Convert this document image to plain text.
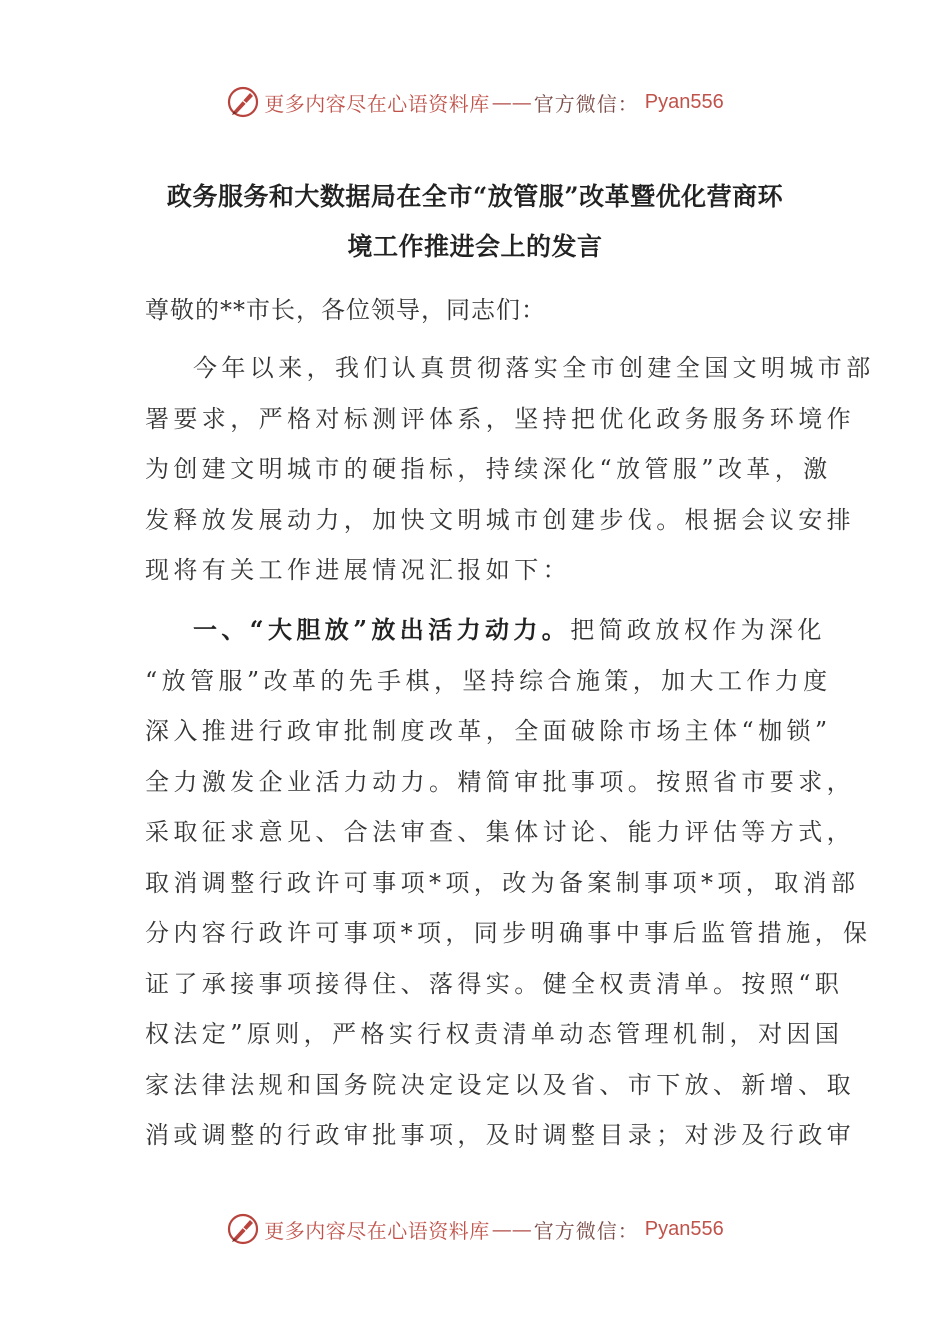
更多内容尽在心语资料库 —— 官方微信： Pyan556
政务服务和大数据局在全市“放管服”改革暨优化营商环
境工作推进会上的发言
尊敬的**市长，各位领导，同志们：
今年以来，我们认真贯彻落实全市创建全国文明城市部
署要求，严格对标测评体系，坚持把优化政务服务环境作
为创建文明城市的硬指标，持续深化“放管服”改革，激
发释放发展动力，加快文明城市创建步伐。根据会议安排
现将有关工作进展情况汇报如下：
一、“大胆放”放出活力动力。把简政放权作为深化
“放管服”改革的先手棋，坚持综合施策，加大工作力度
深入推进行政审批制度改革，全面破除市场主体“枷锁”
全力激发企业活力动力。精简审批事项。按照省市要求，
采取征求意见、合法审查、集体讨论、能力评估等方式，
取消调整行政许可事项*项，改为备案制事项*项，取消部
分内容行政许可事项*项，同步明确事中事后监管措施，保
证了承接事项接得住、落得实。健全权责清单。按照“职
权法定”原则，严格实行权责清单动态管理机制，对因国
家法律法规和国务院决定设定以及省、市下放、新增、取
消或调整的行政审批事项，及时调整目录；对涉及行政审
更多内容尽在心语资料库 —— 官方微信： Pyan556
